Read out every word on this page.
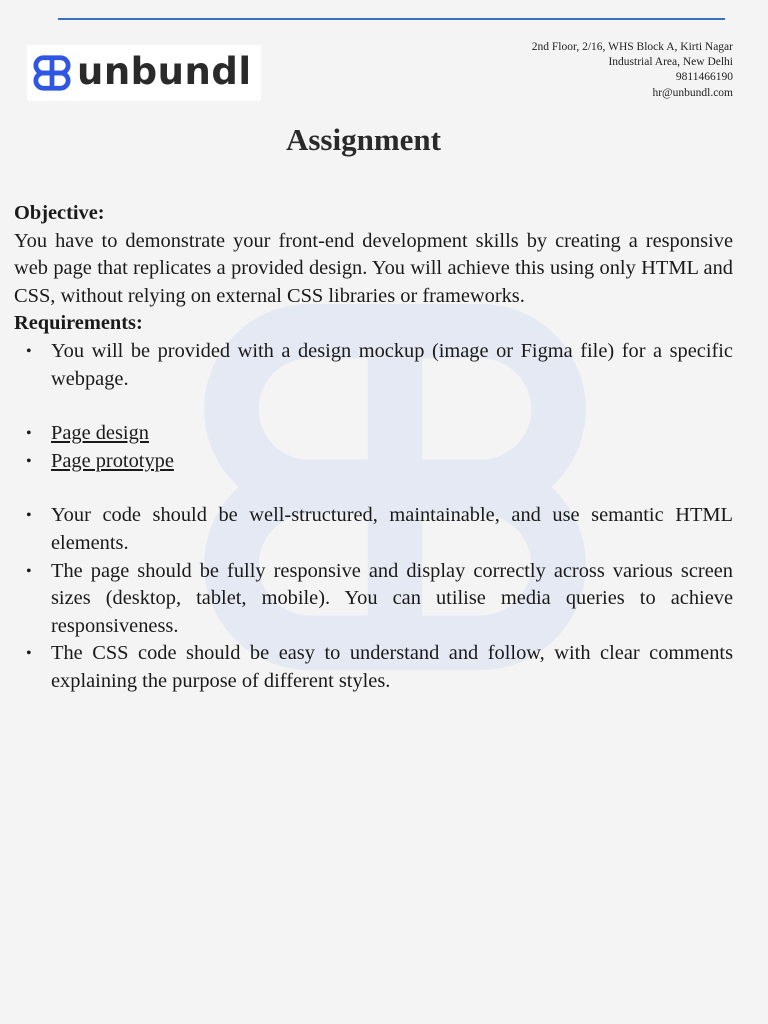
unbundl
2nd Floor, 2/16, WHS Block A, Kirti Nagar
Industrial Area, New Delhi
9811466190
hr@unbundl.com
Assignment
Objective:
You have to demonstrate your front-end development skills by creating a responsive web page that replicates a provided design. You will achieve this using only HTML and CSS, without relying on external CSS libraries or frameworks.
Requirements:
• You will be provided with a design mockup (image or Figma file) for a specific webpage.
• Page design
• Page prototype
• Your code should be well-structured, maintainable, and use semantic HTML elements.
• The page should be fully responsive and display correctly across various screen sizes (desktop, tablet, mobile). You can utilise media queries to achieve responsiveness.
• The CSS code should be easy to understand and follow, with clear comments explaining the purpose of different styles.
